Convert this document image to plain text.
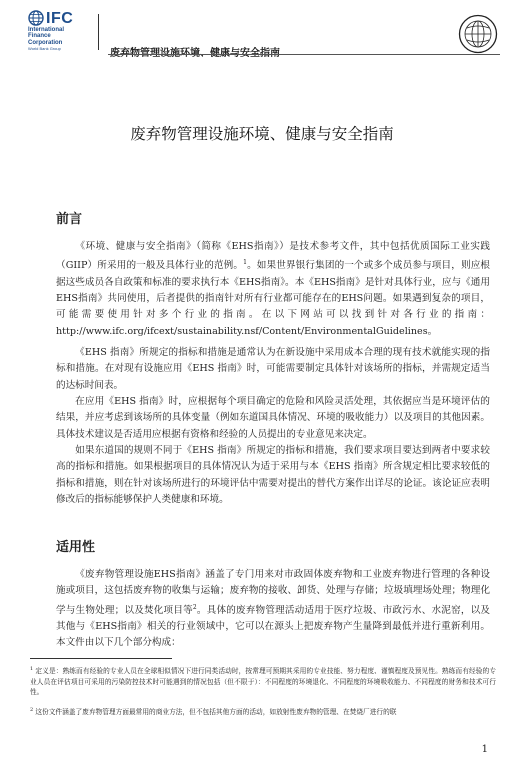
IFC
International
Finance
Corporation
World Bank Group
废弃物管理设施环境、健康与安全指南
前言

《环境、健康与安全指南》（简称《EHS指南》）是技术参考文件，其中包括优质国际工业实践（GIIP）所采用的一般及具体行业的范例。$^1$。如果世界银行集团的一个或多个成员参与项目，则应根据这些成员各自政策和标准的要求执行本《EHS指南》。本《EHS指南》是针对具体行业，应与《通用EHS指南》共同使用，后者提供的指南针对所有行业都可能存在的EHS问题。如果遇到复杂的项目，可能需要使用针对多个行业的指南。在以下网站可以找到针对各行业的指南：http://www.ifc.org/ifcext/sustainability.nsf/Content/EnvironmentalGuidelines。

《EHS 指南》所规定的指标和措施是通常认为在新设施中采用成本合理的现有技术就能实现的指标和措施。在对现有设施应用《EHS 指南》时，可能需要制定具体针对该场所的指标，并需规定适当的达标时间表。

在应用《EHS 指南》时，应根据每个项目确定的危险和风险灵活处理，其依据应当是环境评估的结果，并应考虑到该场所的具体变量（例如东道国具体情况、环境的吸收能力）以及项目的其他因素。具体技术建议是否适用应根据有资格和经验的人员提出的专业意见来决定。

如果东道国的规则不同于《EHS 指南》所规定的指标和措施，我们要求项目要达到两者中要求较高的指标和措施。如果根据项目的具体情况认为适于采用与本《EHS 指南》所含规定相比要求较低的指标和措施，则在针对该场所进行的环境评估中需要对提出的替代方案作出详尽的论证。该论证应表明修改后的指标能够保护人类健康和环境。

适用性

《废弃物管理设施EHS指南》涵盖了专门用来对市政固体废弃物和工业废弃物进行管理的各种设施或项目，这包括废弃物的收集与运输；废弃物的接收、卸货、处理与存储；垃圾填埋场处理；物理化学与生物处理；以及焚化项目等$^2$。具体的废弃物管理活动适用于医疗垃圾、市政污水、水泥窑，以及其他与《EHS指南》相关的行业领域中，它可以在源头上把废弃物产生量降到最低并进行重新利用。本文件由以下几个部分构成：

$^1$ 定义是：熟练而有经验的专业人员在全球相似情况下进行同类活动时，按常理可预期其采用的专业技能、努力程度、谨慎程度及预见性。熟练而有经验的专业人员在评估项目可采用的污染防控技术时可能遇到的情况包括（但不限于）：不同程度的环境退化、不同程度的环境吸收能力、不同程度的财务和技术可行性。

$^2$ 这份文件涵盖了废弃物管理方面最常用的商业方法，但不包括其他方面的活动，如放射性废弃物的管理、在焚烧厂进行的联

1
